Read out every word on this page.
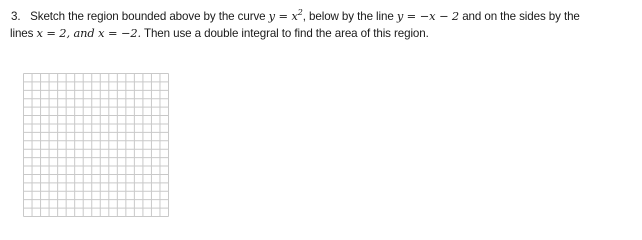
3. Sketch the region bounded above by the curve $y = x^2$, below by the line y = −x − 2 and on the sides by the
lines x = 2, and x = −2. Then use a double integral to find the area of this region.
